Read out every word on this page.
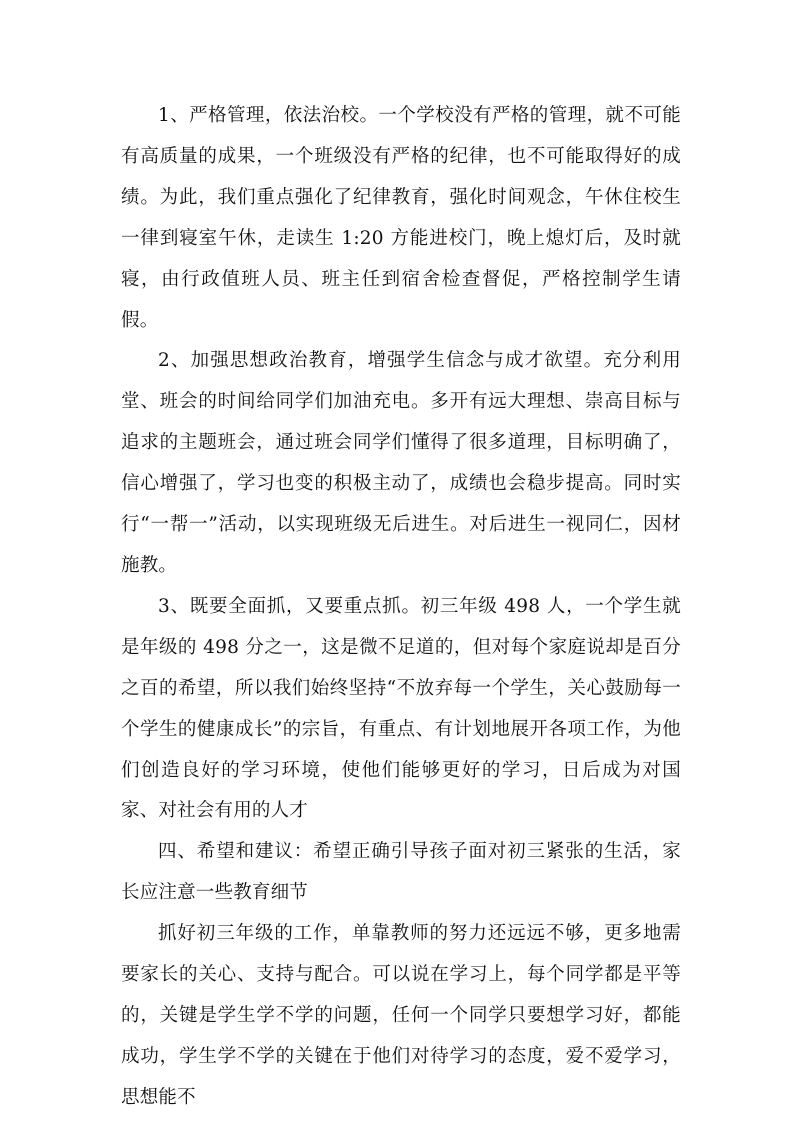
1、严格管理，依法治校。一个学校没有严格的管理，就不可能有高质量的成果，一个班级没有严格的纪律，也不可能取得好的成绩。为此，我们重点强化了纪律教育，强化时间观念，午休住校生一律到寝室午休，走读生 1:20 方能进校门，晚上熄灯后，及时就寝，由行政值班人员、班主任到宿舍检查督促，严格控制学生请假。

2、加强思想政治教育，增强学生信念与成才欲望。充分利用堂、班会的时间给同学们加油充电。多开有远大理想、崇高目标与追求的主题班会，通过班会同学们懂得了很多道理，目标明确了，信心增强了，学习也变的积极主动了，成绩也会稳步提高。同时实行“一帮一”活动，以实现班级无后进生。对后进生一视同仁，因材施教。

3、既要全面抓，又要重点抓。初三年级 498 人，一个学生就是年级的 498 分之一，这是微不足道的，但对每个家庭说却是百分之百的希望，所以我们始终坚持“不放弃每一个学生，关心鼓励每一个学生的健康成长”的宗旨，有重点、有计划地展开各项工作，为他们创造良好的学习环境，使他们能够更好的学习，日后成为对国家、对社会有用的人才

四、希望和建议：希望正确引导孩子面对初三紧张的生活，家长应注意一些教育细节

抓好初三年级的工作，单靠教师的努力还远远不够，更多地需要家长的关心、支持与配合。可以说在学习上，每个同学都是平等的，关键是学生学不学的问题，任何一个同学只要想学习好，都能成功，学生学不学的关键在于他们对待学习的态度，爱不爱学习，思想能不
